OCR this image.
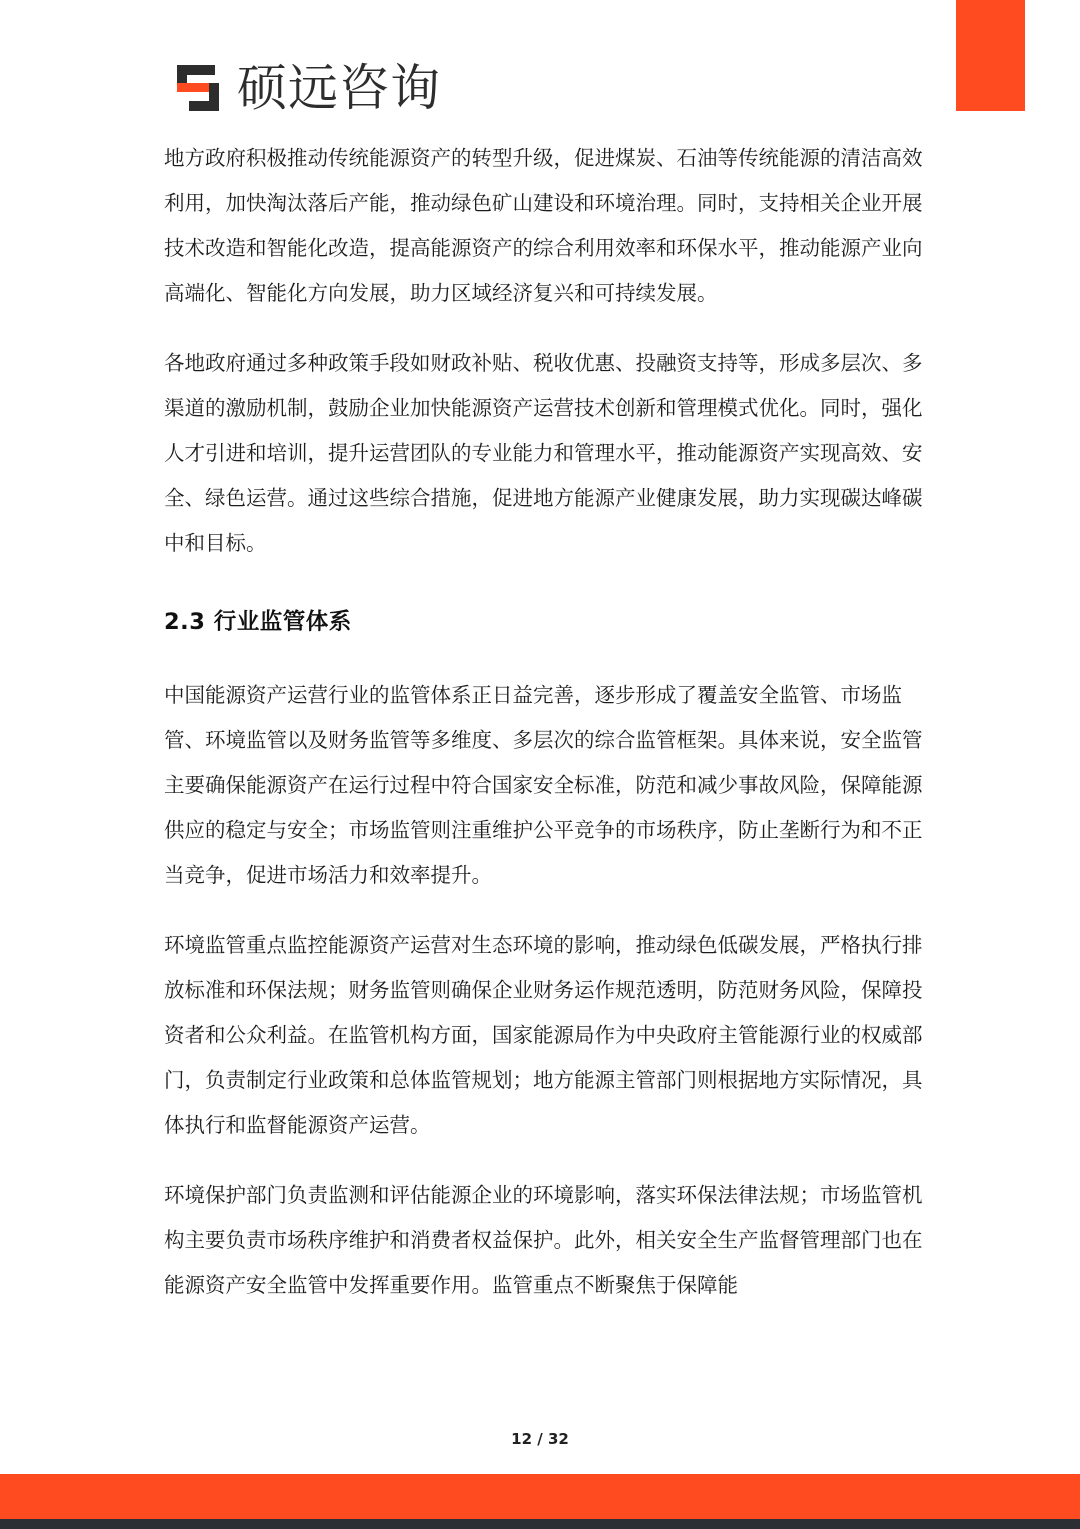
硕远咨询

地方政府积极推动传统能源资产的转型升级，促进煤炭、石油等传统能源的清洁高效利用，加快淘汰落后产能，推动绿色矿山建设和环境治理。同时，支持相关企业开展技术改造和智能化改造，提高能源资产的综合利用效率和环保水平，推动能源产业向高端化、智能化方向发展，助力区域经济复兴和可持续发展。

各地政府通过多种政策手段如财政补贴、税收优惠、投融资支持等，形成多层次、多渠道的激励机制，鼓励企业加快能源资产运营技术创新和管理模式优化。同时，强化人才引进和培训，提升运营团队的专业能力和管理水平，推动能源资产实现高效、安全、绿色运营。通过这些综合措施，促进地方能源产业健康发展，助力实现碳达峰碳中和目标。

2.3 行业监管体系

中国能源资产运营行业的监管体系正日益完善，逐步形成了覆盖安全监管、市场监管、环境监管以及财务监管等多维度、多层次的综合监管框架。具体来说，安全监管主要确保能源资产在运行过程中符合国家安全标准，防范和减少事故风险，保障能源供应的稳定与安全；市场监管则注重维护公平竞争的市场秩序，防止垄断行为和不正当竞争，促进市场活力和效率提升。

环境监管重点监控能源资产运营对生态环境的影响，推动绿色低碳发展，严格执行排放标准和环保法规；财务监管则确保企业财务运作规范透明，防范财务风险，保障投资者和公众利益。在监管机构方面，国家能源局作为中央政府主管能源行业的权威部门，负责制定行业政策和总体监管规划；地方能源主管部门则根据地方实际情况，具体执行和监督能源资产运营。

环境保护部门负责监测和评估能源企业的环境影响，落实环保法律法规；市场监管机构主要负责市场秩序维护和消费者权益保护。此外，相关安全生产监督管理部门也在能源资产安全监管中发挥重要作用。监管重点不断聚焦于保障能

12 / 32
